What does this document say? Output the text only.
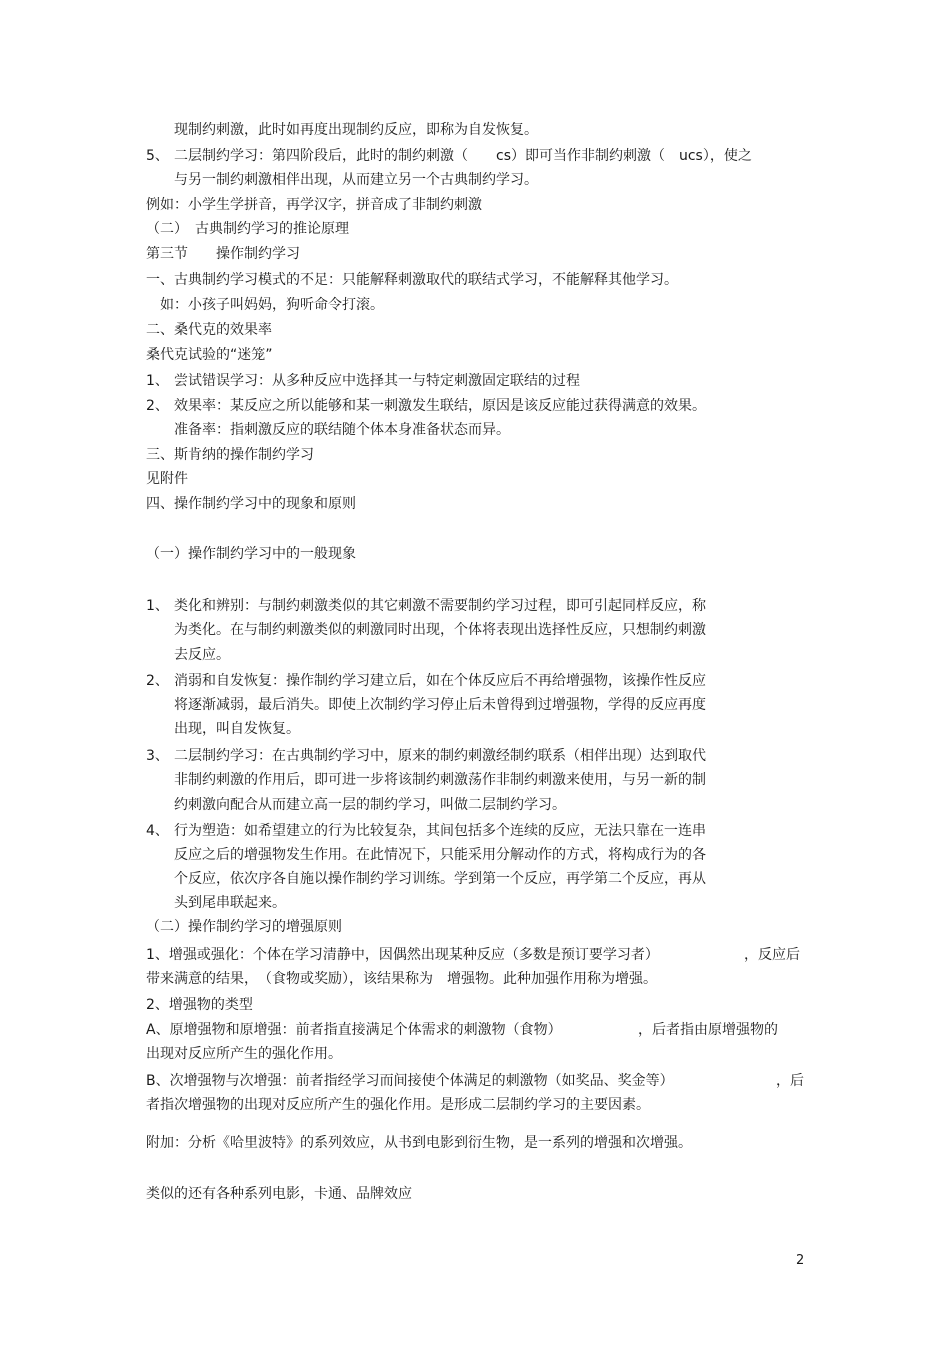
现制约刺激，此时如再度出现制约反应，即称为自发恢复。
5、 二层制约学习：第四阶段后，此时的制约刺激（　　cs）即可当作非制约刺激（　ucs），使之
与另一制约刺激相伴出现，从而建立另一个古典制约学习。
例如：小学生学拼音，再学汉字，拼音成了非制约刺激
（二）　古典制约学习的推论原理
第三节　　操作制约学习
一、古典制约学习模式的不足：只能解释刺激取代的联结式学习，不能解释其他学习。
如：小孩子叫妈妈，狗听命令打滚。
二、桑代克的效果率
桑代克试验的“迷笼”
1、 尝试错误学习：从多种反应中选择其一与特定刺激固定联结的过程
2、 效果率：某反应之所以能够和某一刺激发生联结，原因是该反应能过获得满意的效果。
准备率：指刺激反应的联结随个体本身准备状态而异。
三、斯肯纳的操作制约学习
见附件
四、操作制约学习中的现象和原则
（一）操作制约学习中的一般现象
1、 类化和辨别：与制约刺激类似的其它刺激不需要制约学习过程，即可引起同样反应，称
为类化。在与制约刺激类似的刺激同时出现，个体将表现出选择性反应，只想制约刺激
去反应。
2、 消弱和自发恢复：操作制约学习建立后，如在个体反应后不再给增强物，该操作性反应
将逐渐减弱，最后消失。即使上次制约学习停止后未曾得到过增强物，学得的反应再度
出现，叫自发恢复。
3、 二层制约学习：在古典制约学习中，原来的制约刺激经制约联系（相伴出现）达到取代
非制约刺激的作用后，即可进一步将该制约刺激荡作非制约刺激来使用，与另一新的制
约刺激向配合从而建立高一层的制约学习，叫做二层制约学习。
4、 行为塑造：如希望建立的行为比较复杂，其间包括多个连续的反应，无法只靠在一连串
反应之后的增强物发生作用。在此情况下，只能采用分解动作的方式，将构成行为的各
个反应，依次序各自施以操作制约学习训练。学到第一个反应，再学第二个反应，再从
头到尾串联起来。
（二）操作制约学习的增强原则
1、增强或强化：个体在学习清静中，因偶然出现某种反应（多数是预订要学习者）	，反应后
带来满意的结果，　（食物或奖励），该结果称为　增强物。此种加强作用称为增强。
2、增强物的类型
A、原增强物和原增强：前者指直接满足个体需求的刺激物（食物）	，后者指由原增强物的
出现对反应所产生的强化作用。
B、次增强物与次增强：前者指经学习而间接使个体满足的刺激物（如奖品、奖金等）	，后
者指次增强物的出现对反应所产生的强化作用。是形成二层制约学习的主要因素。
附加：分析《哈里波特》的系列效应，从书到电影到衍生物，是一系列的增强和次增强。
类似的还有各种系列电影，卡通、品牌效应
2
